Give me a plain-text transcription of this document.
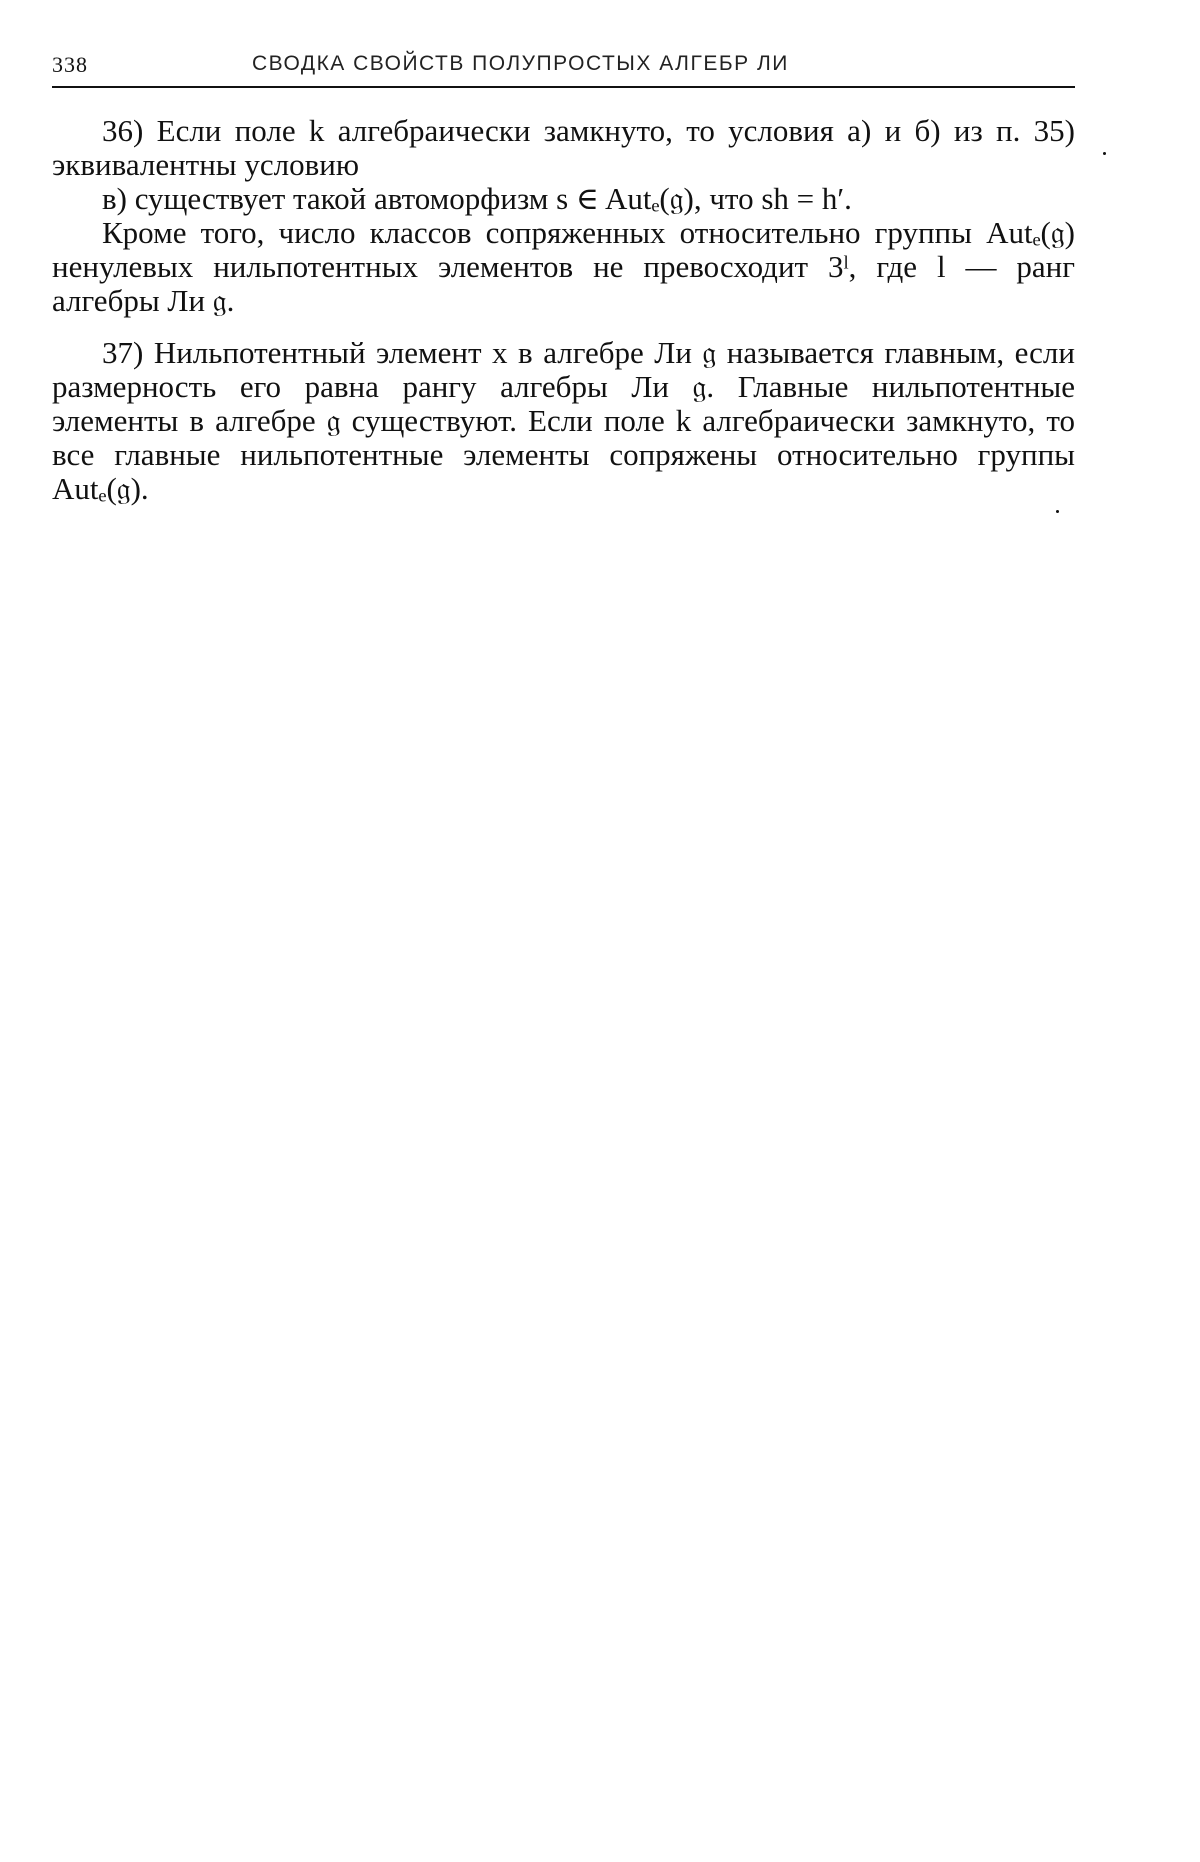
338	СВОДКА СВОЙСТВ ПОЛУПРОСТЫХ АЛГЕБР ЛИ

36) Если поле k алгебраически замкнуто, то условия а) и б) из п. 35) эквивалентны условию

в) существует такой автоморфизм s ∈ Autₑ(𝔤), что sh = h′.

Кроме того, число классов сопряженных относительно группы Autₑ(𝔤) ненулевых нильпотентных элементов не превосходит 3ˡ, где l — ранг алгебры Ли 𝔤.

37) Нильпотентный элемент x в алгебре Ли 𝔤 называется главным, если размерность его равна рангу алгебры Ли 𝔤. Главные нильпотентные элементы в алгебре 𝔤 существуют. Если поле k алгебраически замкнуто, то все главные нильпотентные элементы сопряжены относительно группы Autₑ(𝔤).
